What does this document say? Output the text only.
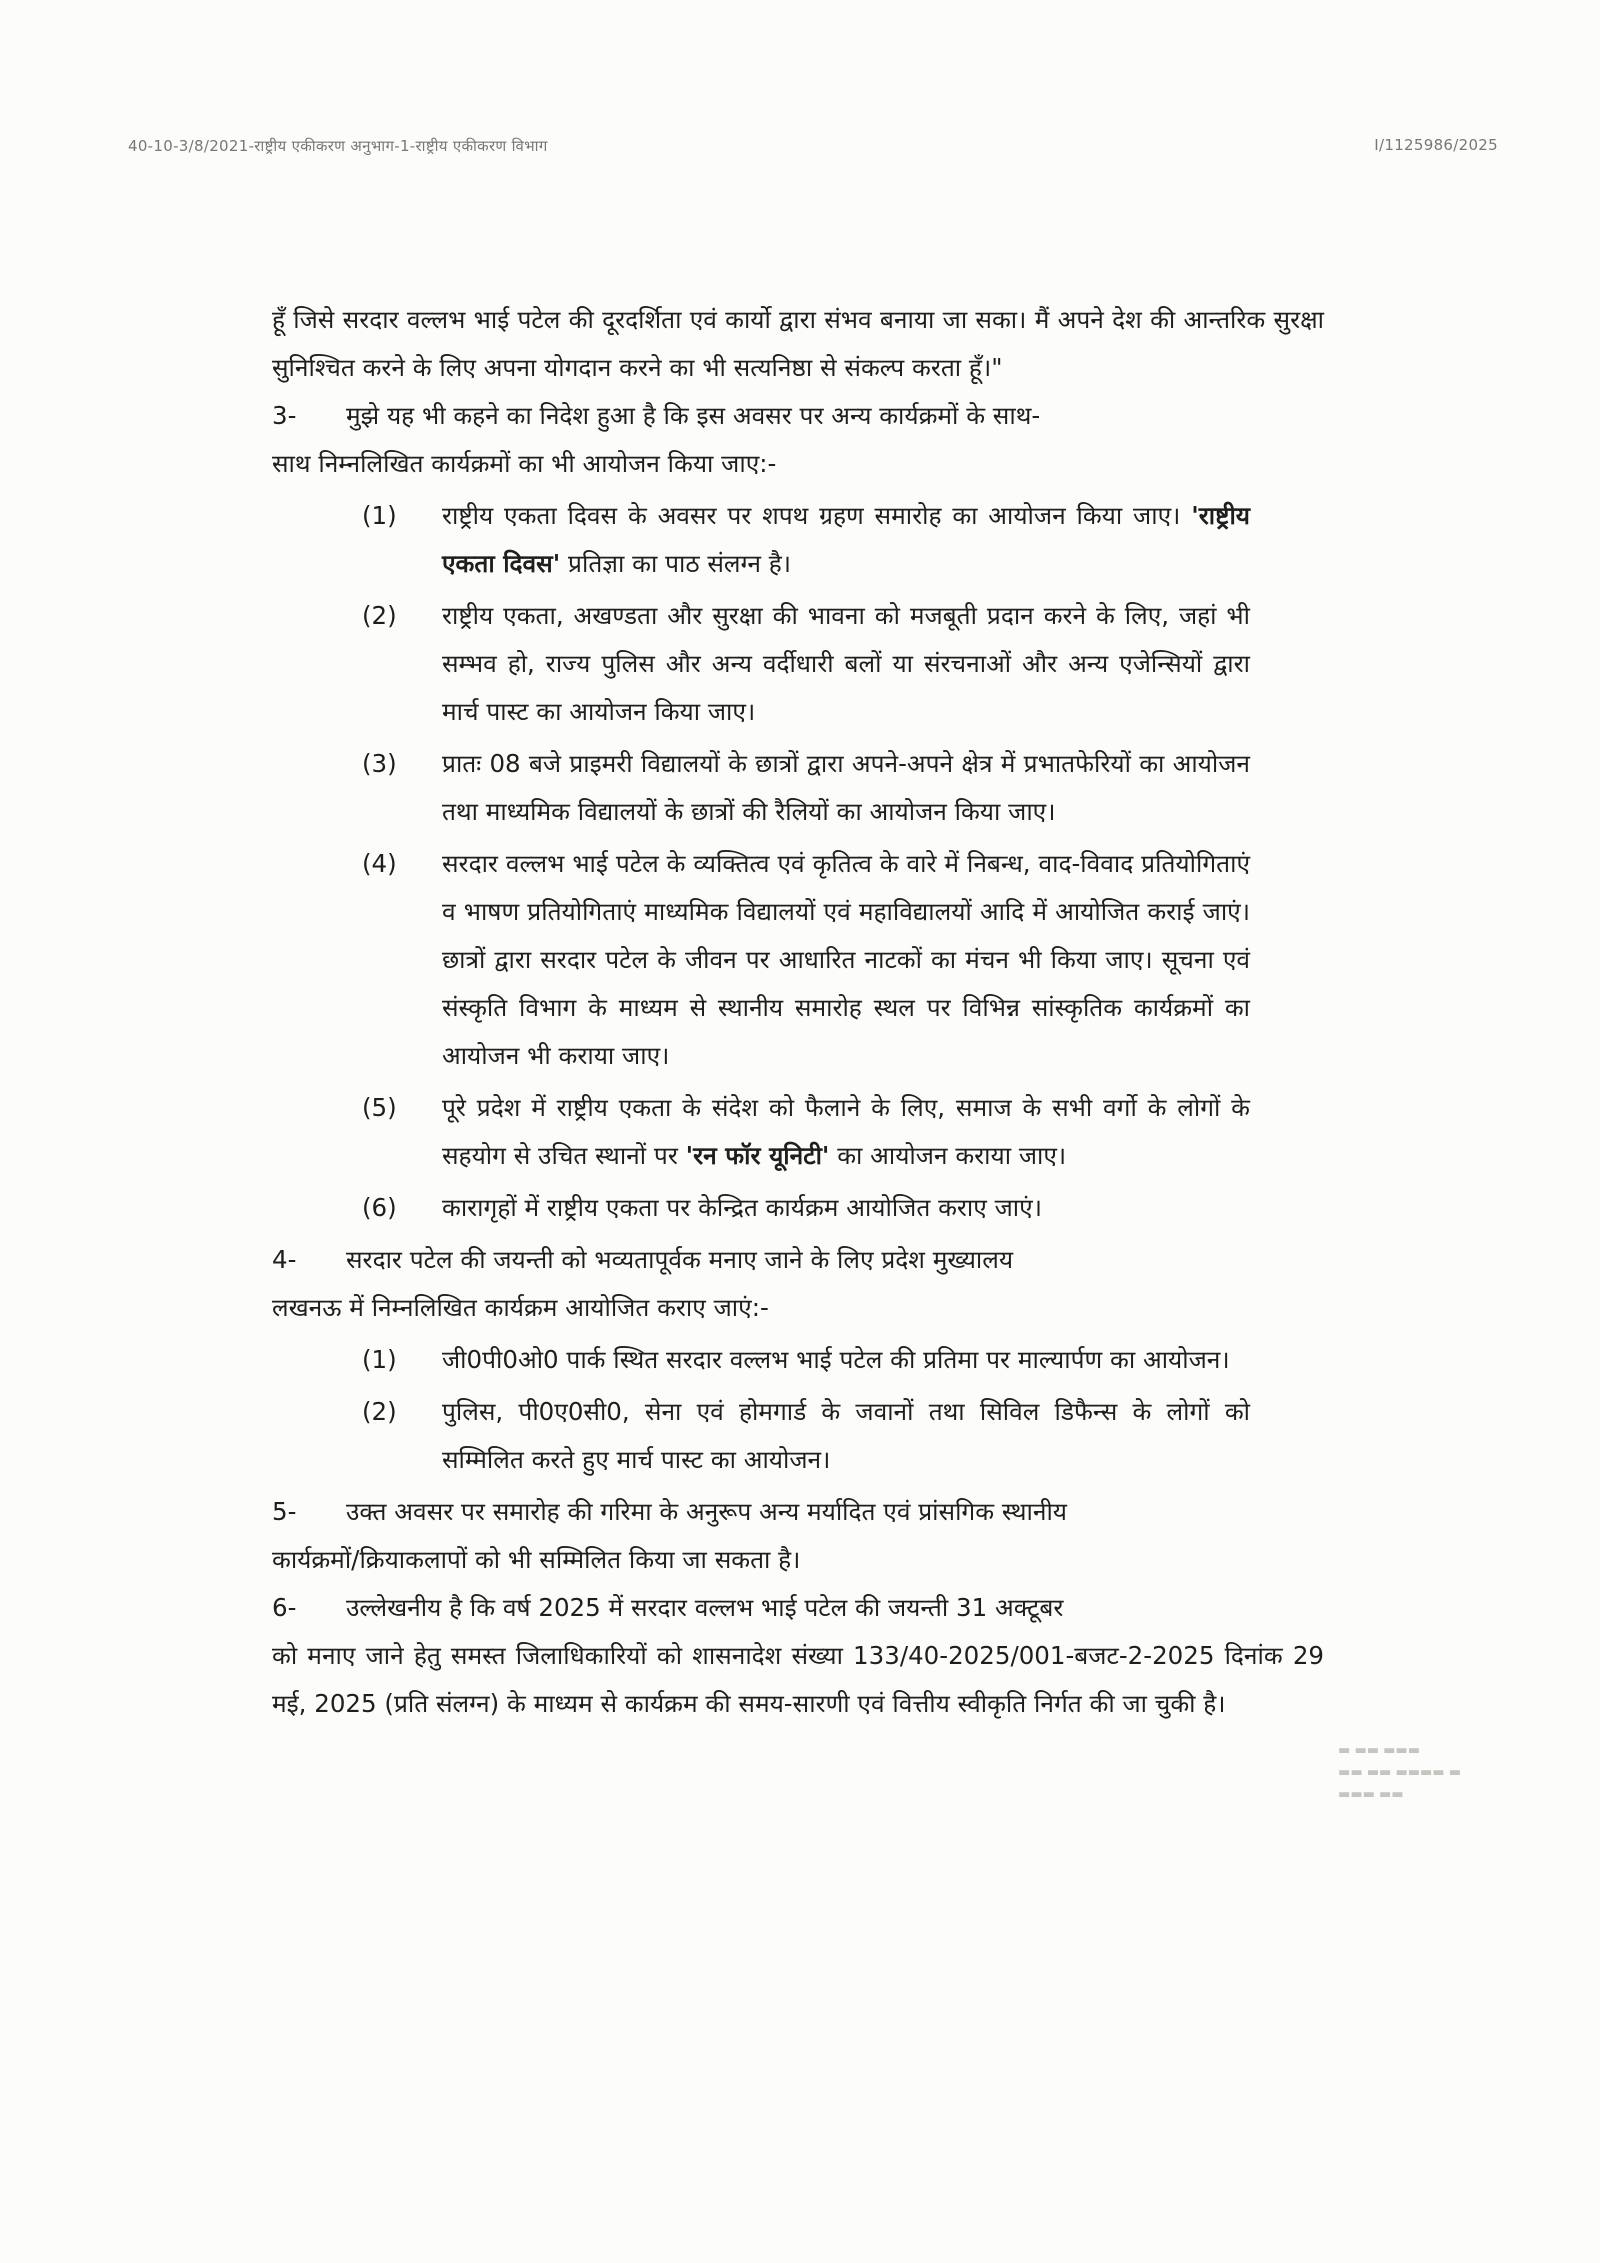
40-10-3/8/2021-राष्ट्रीय एकीकरण अनुभाग-1-राष्ट्रीय एकीकरण विभाग	I/1125986/2025

हूँ जिसे सरदार वल्लभ भाई पटेल की दूरदर्शिता एवं कार्यो द्वारा संभव बनाया जा सका। मैं अपने देश की आन्तरिक सुरक्षा सुनिश्चित करने के लिए अपना योगदान करने का भी सत्यनिष्ठा से संकल्प करता हूँ।"

3-	मुझे यह भी कहने का निदेश हुआ है कि इस अवसर पर अन्य कार्यक्रमों के साथ-

साथ निम्नलिखित कार्यक्रमों का भी आयोजन किया जाए:-

(1)	राष्ट्रीय एकता दिवस के अवसर पर शपथ ग्रहण समारोह का आयोजन किया जाए। 'राष्ट्रीय एकता दिवस' प्रतिज्ञा का पाठ संलग्न है।
(2)	राष्ट्रीय एकता, अखण्डता और सुरक्षा की भावना को मजबूती प्रदान करने के लिए, जहां भी सम्भव हो, राज्य पुलिस और अन्य वर्दीधारी बलों या संरचनाओं और अन्य एजेन्सियों द्वारा मार्च पास्ट का आयोजन किया जाए।
(3)	प्रातः 08 बजे प्राइमरी विद्यालयों के छात्रों द्वारा अपने-अपने क्षेत्र में प्रभातफेरियों का आयोजन तथा माध्यमिक विद्यालयों के छात्रों की रैलियों का आयोजन किया जाए।
(4)	सरदार वल्लभ भाई पटेल के व्यक्तित्व एवं कृतित्व के वारे में निबन्ध, वाद-विवाद प्रतियोगिताएं व भाषण प्रतियोगिताएं माध्यमिक विद्यालयों एवं महाविद्यालयों आदि में आयोजित कराई जाएं। छात्रों द्वारा सरदार पटेल के जीवन पर आधारित नाटकों का मंचन भी किया जाए। सूचना एवं संस्कृति विभाग के माध्यम से स्थानीय समारोह स्थल पर विभिन्न सांस्कृतिक कार्यक्रमों का आयोजन भी कराया जाए।
(5)	पूरे प्रदेश में राष्ट्रीय एकता के संदेश को फैलाने के लिए, समाज के सभी वर्गो के लोगों के सहयोग से उचित स्थानों पर 'रन फॉर यूनिटी' का आयोजन कराया जाए।
(6)	कारागृहों में राष्ट्रीय एकता पर केन्द्रित कार्यक्रम आयोजित कराए जाएं।
4-	सरदार पटेल की जयन्ती को भव्यतापूर्वक मनाए जाने के लिए प्रदेश मुख्यालय

लखनऊ में निम्नलिखित कार्यक्रम आयोजित कराए जाएं:-

(1)	जी0पी0ओ0 पार्क स्थित सरदार वल्लभ भाई पटेल की प्रतिमा पर माल्यार्पण का आयोजन।
(2)	पुलिस, पी0ए0सी0, सेना एवं होमगार्ड के जवानों तथा सिविल डिफैन्स के लोगों को सम्मिलित करते हुए मार्च पास्ट का आयोजन।
5-	उक्त अवसर पर समारोह की गरिमा के अनुरूप अन्य मर्यादित एवं प्रांसगिक स्थानीय

कार्यक्रमों/क्रियाकलापों को भी सम्मिलित किया जा सकता है।

6-	उल्लेखनीय है कि वर्ष 2025 में सरदार वल्लभ भाई पटेल की जयन्ती 31 अक्टूबर

को मनाए जाने हेतु समस्त जिलाधिकारियों को शासनादेश संख्या 133/40-2025/001-बजट-2-2025 दिनांक 29 मई, 2025 (प्रति संलग्न) के माध्यम से कार्यक्रम की समय-सारणी एवं वित्तीय स्वीकृति निर्गत की जा चुकी है।

▬▬▬ ▬▬ ▬
▬ ▬▬▬▬ ▬▬ ▬▬
▬▬ ▬▬▬
